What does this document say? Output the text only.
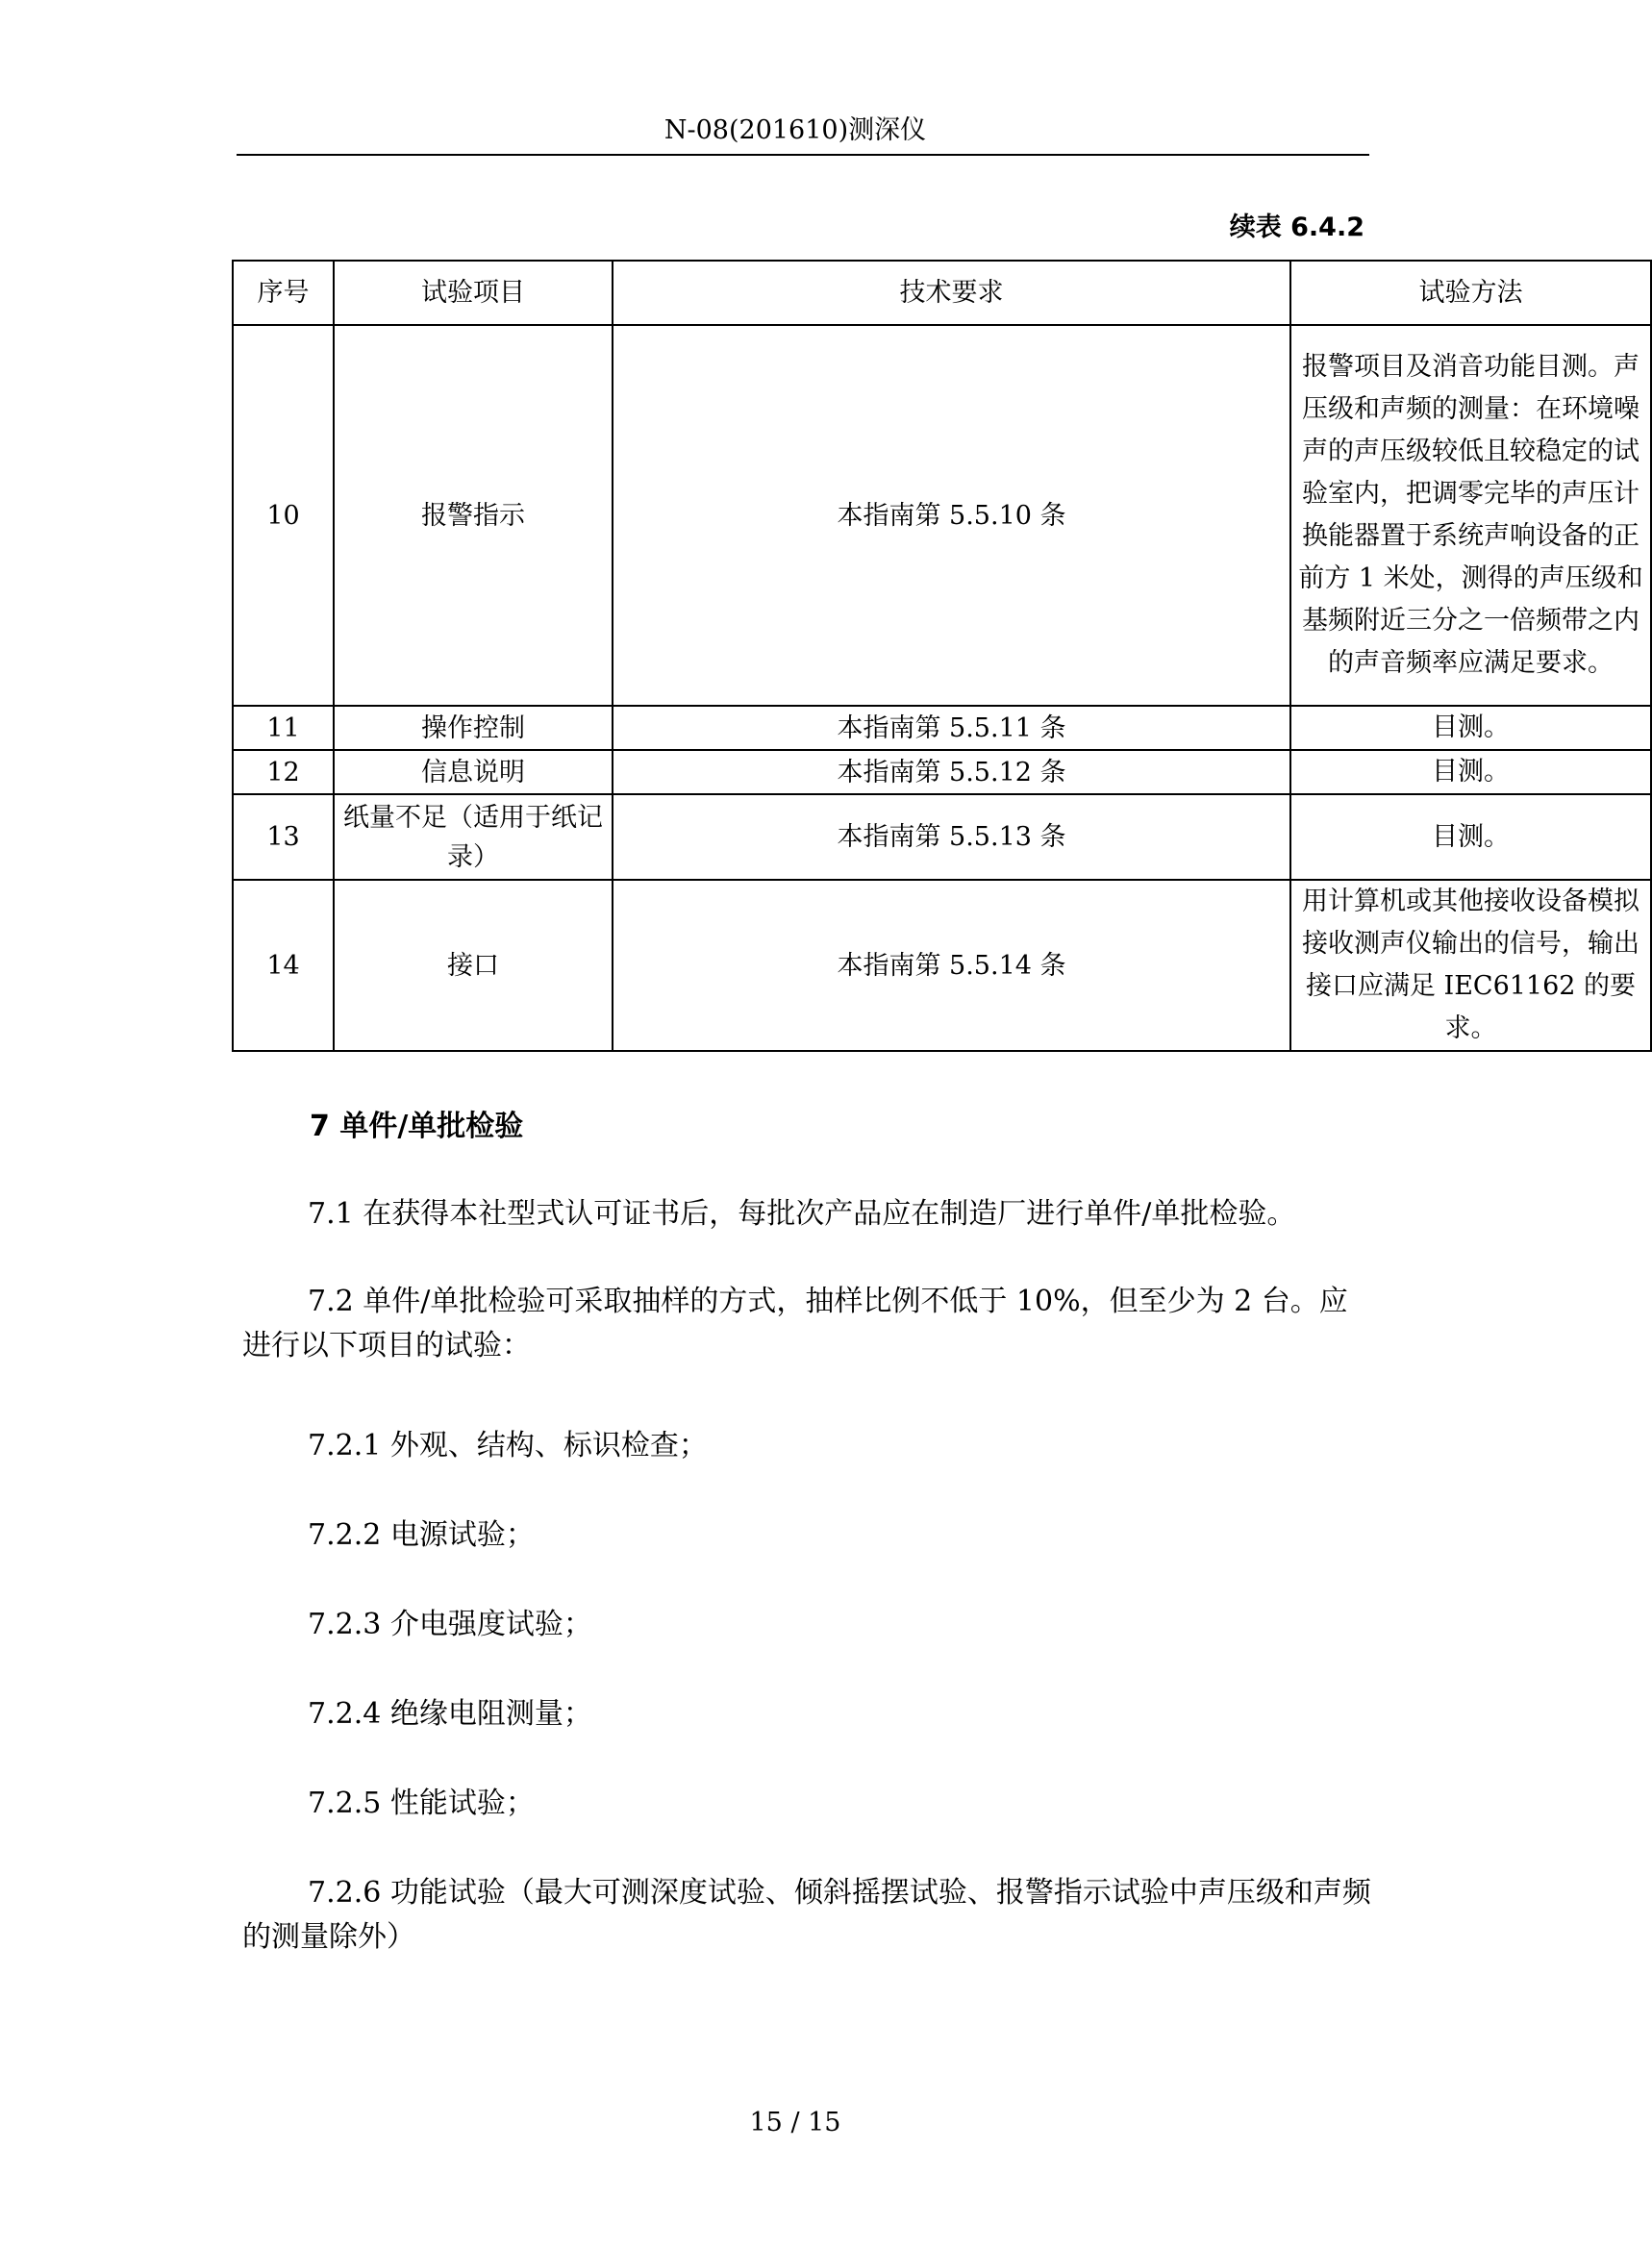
N-08(201610)测深仪
续表 6.4.2
序号	试验项目	技术要求	试验方法
10	报警指示	本指南第 5.5.10 条	报警项目及消音功能目测。声压级和声频的测量：在环境噪声的声压级较低且较稳定的试验室内，把调零完毕的声压计换能器置于系统声响设备的正前方 1 米处，测得的声压级和基频附近三分之一倍频带之内的声音频率应满足要求。
11	操作控制	本指南第 5.5.11 条	目测。
12	信息说明	本指南第 5.5.12 条	目测。
13	纸量不足（适用于纸记录）	本指南第 5.5.13 条	目测。
14	接口	本指南第 5.5.14 条	用计算机或其他接收设备模拟接收测声仪输出的信号，输出接口应满足 IEC61162 的要求。

7 单件/单批检验

7.1 在获得本社型式认可证书后，每批次产品应在制造厂进行单件/单批检验。

7.2 单件/单批检验可采取抽样的方式，抽样比例不低于 10%，但至少为 2 台。应进行以下项目的试验：

7.2.1 外观、结构、标识检查；

7.2.2 电源试验；

7.2.3 介电强度试验；

7.2.4 绝缘电阻测量；

7.2.5 性能试验；

7.2.6 功能试验（最大可测深度试验、倾斜摇摆试验、报警指示试验中声压级和声频的测量除外）

15 / 15
